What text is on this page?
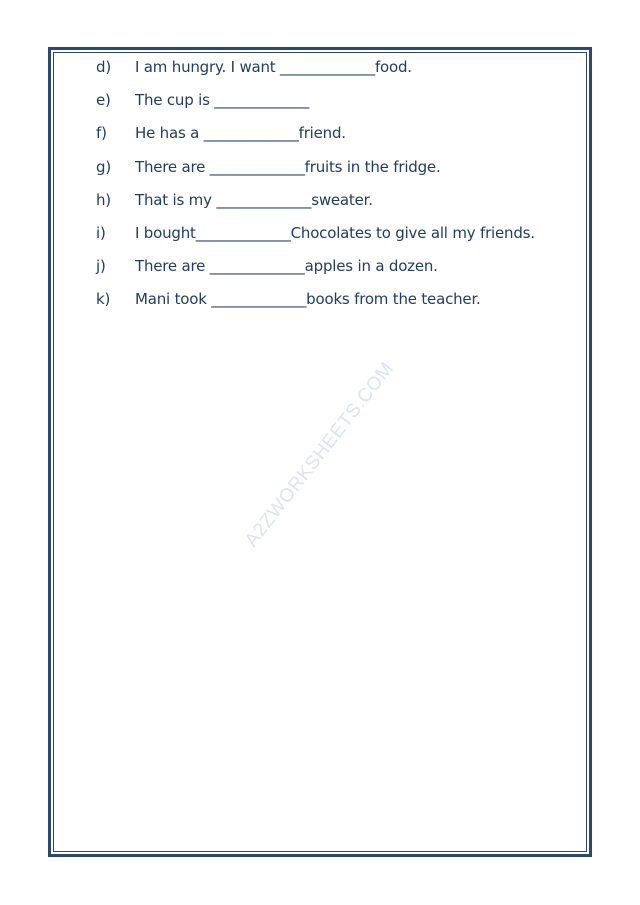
A2ZWORKSHEETS.COM
d)	I am hungry. I want _____________food.
e)	The cup is _____________
f)	He has a _____________friend.
g)	There are _____________fruits in the fridge.
h)	That is my _____________sweater.
i)	I bought_____________Chocolates to give all my friends.
j)	There are _____________apples in a dozen.
k)	Mani took _____________books from the teacher.
